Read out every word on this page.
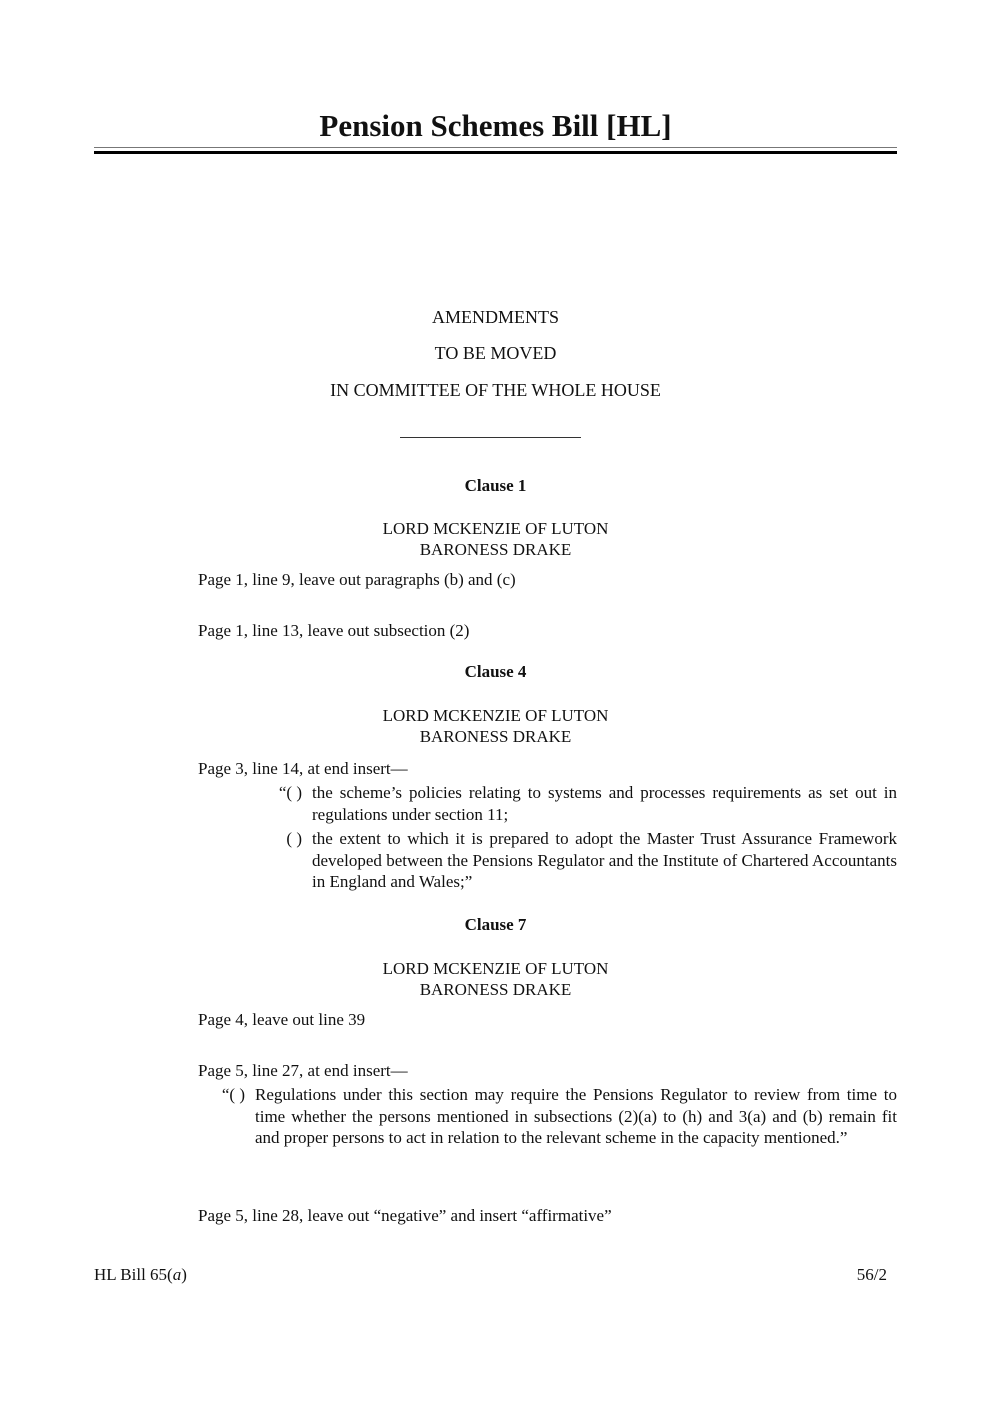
Pension Schemes Bill [HL]
AMENDMENTS
TO BE MOVED
IN COMMITTEE OF THE WHOLE HOUSE
Clause 1
LORD MCKENZIE OF LUTON
BARONESS DRAKE
Page 1, line 9, leave out paragraphs (b) and (c)
Page 1, line 13, leave out subsection (2)
Clause 4
LORD MCKENZIE OF LUTON
BARONESS DRAKE
Page 3, line 14, at end insert—
“( ) the scheme’s policies relating to systems and processes requirements as set out in regulations under section 11;
( ) the extent to which it is prepared to adopt the Master Trust Assurance Framework developed between the Pensions Regulator and the Institute of Chartered Accountants in England and Wales;”
Clause 7
LORD MCKENZIE OF LUTON
BARONESS DRAKE
Page 4, leave out line 39
Page 5, line 27, at end insert—
“( ) Regulations under this section may require the Pensions Regulator to review from time to time whether the persons mentioned in subsections (2)(a) to (h) and 3(a) and (b) remain fit and proper persons to act in relation to the relevant scheme in the capacity mentioned.”
Page 5, line 28, leave out “negative” and insert “affirmative”
HL Bill 65(a)	56/2
